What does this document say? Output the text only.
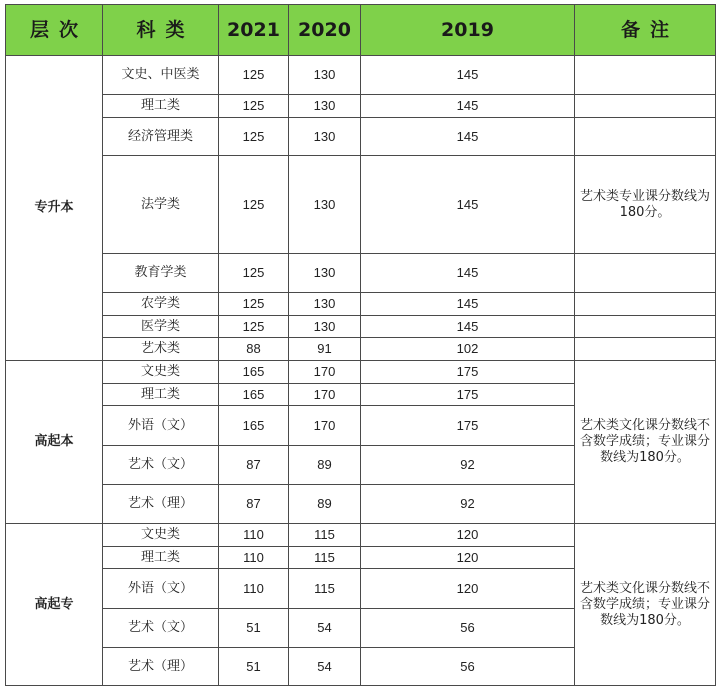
层次	科类	2021	2020	2019	备注
专升本	文史、中医类	125	130	145	
	理工类	125	130	145	
	经济管理类	125	130	145	
	法学类	125	130	145	艺术类专业课分数线为180分。

	教育学类	125	130	145	
	农学类	125	130	145	
	医学类	125	130	145	
	艺术类	88	91	102	
高起本	文史类	165	170	175	艺术类文化课分数线不含数学成绩；专业课分数线为180分。

	理工类	165	170	175	
	外语（文）	165	170	175	
	艺术（文）	87	89	92	
	艺术（理）	87	89	92	
高起专	文史类	110	115	120	艺术类文化课分数线不含数学成绩；专业课分数线为180分。

	理工类	110	115	120	
	外语（文）	110	115	120	
	艺术（文）	51	54	56	
	艺术（理）	51	54	56	
